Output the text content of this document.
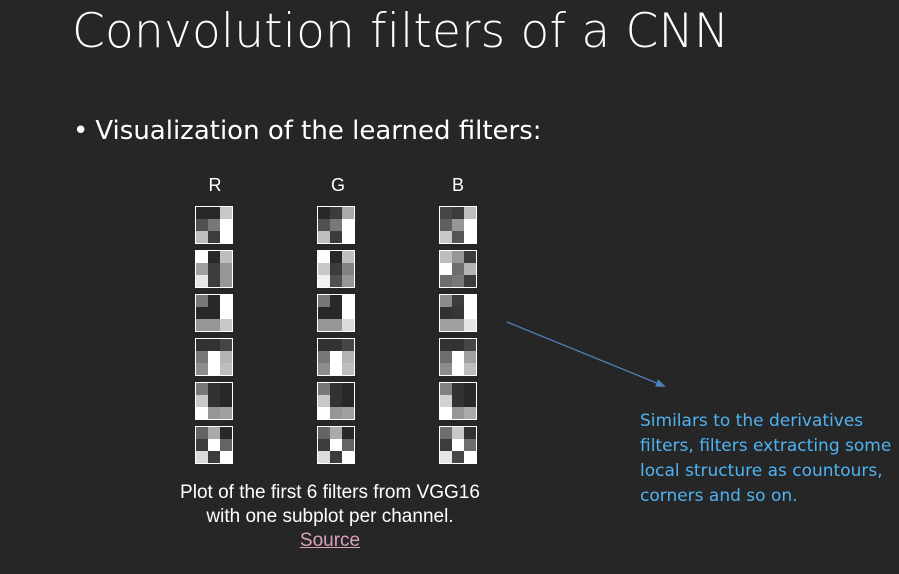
Convolution filters of a CNN
• Visualization of the learned filters:
R	G	B
Plot of the first 6 filters from VGG16
with one subplot per channel.
Source
Similars to the derivatives
filters, filters extracting some
local structure as countours,
corners and so on.
